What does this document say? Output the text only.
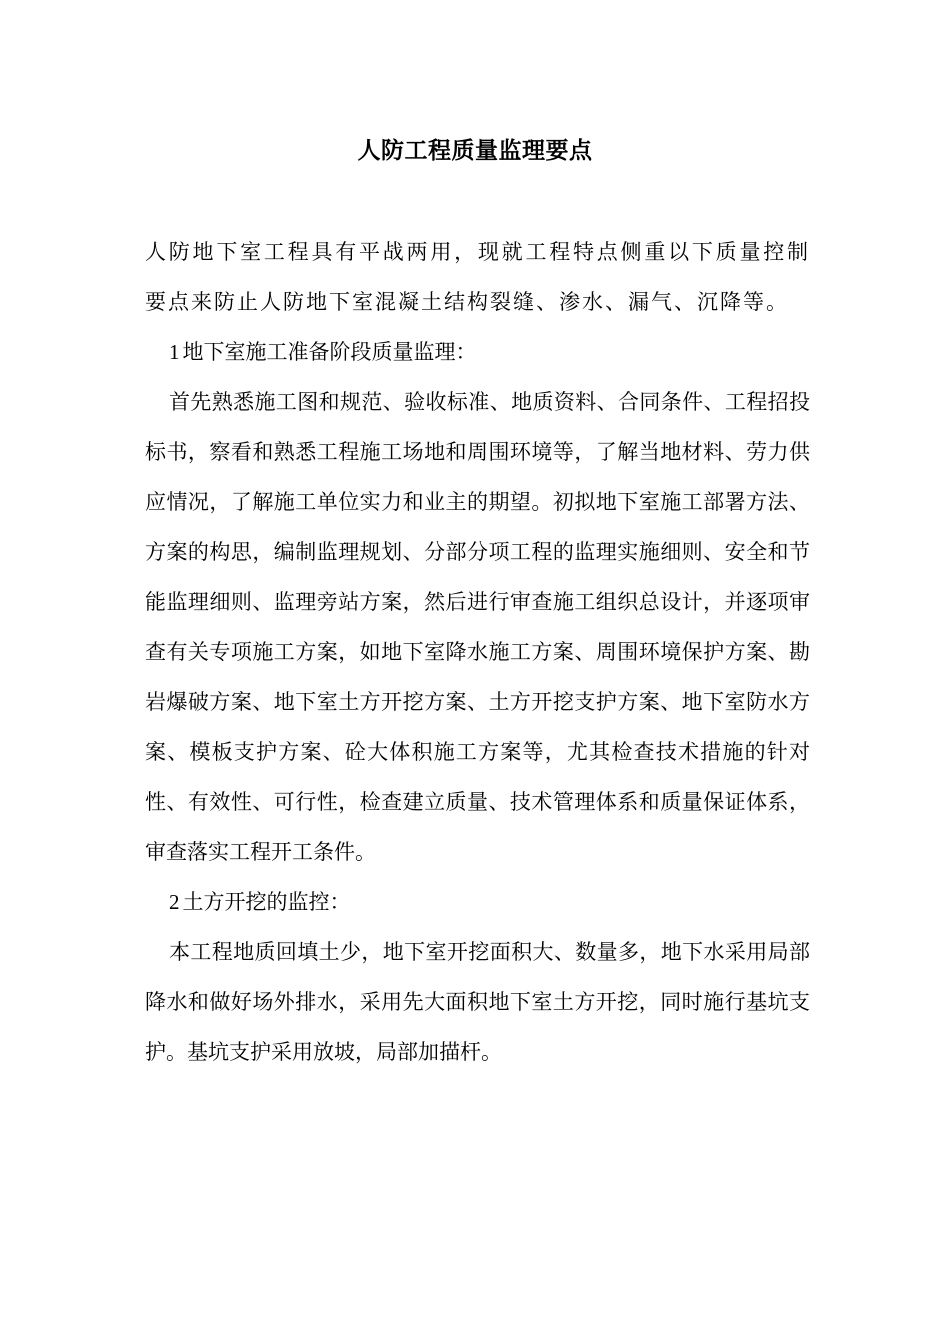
人防工程质量监理要点

人防地下室工程具有平战两用，现就工程特点侧重以下质量控制要点来防止人防地下室混凝土结构裂缝、渗水、漏气、沉降等。

1 地下室施工准备阶段质量监理：

首先熟悉施工图和规范、验收标准、地质资料、合同条件、工程招投标书，察看和熟悉工程施工场地和周围环境等，了解当地材料、劳力供应情况，了解施工单位实力和业主的期望。初拟地下室施工部署方法、方案的构思，编制监理规划、分部分项工程的监理实施细则、安全和节能监理细则、监理旁站方案，然后进行审查施工组织总设计，并逐项审查有关专项施工方案，如地下室降水施工方案、周围环境保护方案、勘岩爆破方案、地下室土方开挖方案、土方开挖支护方案、地下室防水方案、模板支护方案、砼大体积施工方案等，尤其检查技术措施的针对性、有效性、可行性，检查建立质量、技术管理体系和质量保证体系，审查落实工程开工条件。

2 土方开挖的监控：

本工程地质回填土少，地下室开挖面积大、数量多，地下水采用局部降水和做好场外排水，采用先大面积地下室土方开挖，同时施行基坑支护。基坑支护采用放坡，局部加描杆。
